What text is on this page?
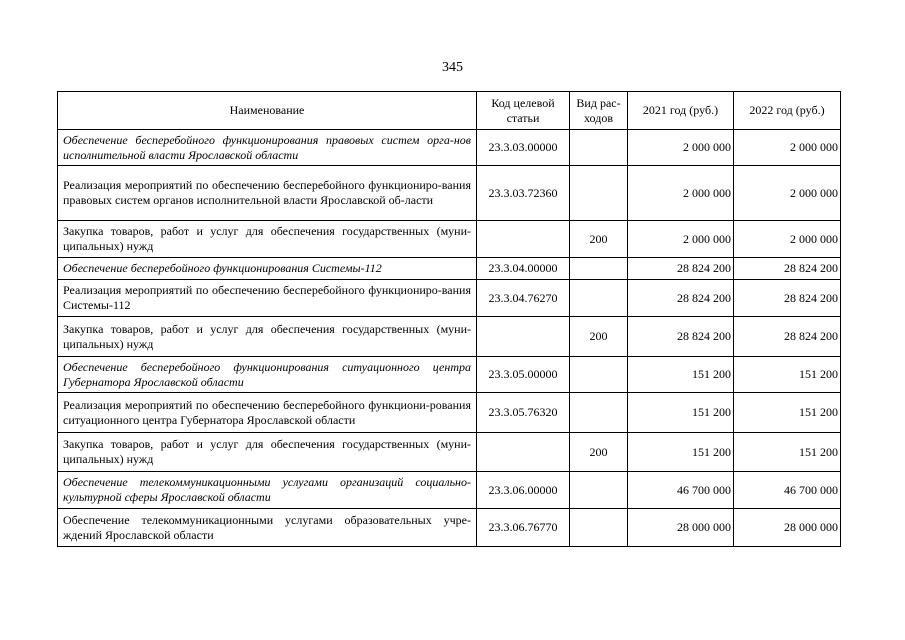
345
Наименование	Код целевой статьи	Вид рас-ходов	2021 год (руб.)	2022 год (руб.)
Обеспечение бесперебойного функционирования правовых систем орга-нов исполнительной власти Ярославской области	23.3.03.00000		2 000 000	2 000 000
Реализация мероприятий по обеспечению бесперебойного функциониро-вания правовых систем органов исполнительной власти Ярославской об-ласти	23.3.03.72360		2 000 000	2 000 000
Закупка товаров, работ и услуг для обеспечения государственных (муни-ципальных) нужд		200	2 000 000	2 000 000
Обеспечение бесперебойного функционирования Системы-112	23.3.04.00000		28 824 200	28 824 200
Реализация мероприятий по обеспечению бесперебойного функциониро-вания Системы-112	23.3.04.76270		28 824 200	28 824 200
Закупка товаров, работ и услуг для обеспечения государственных (муни-ципальных) нужд		200	28 824 200	28 824 200
Обеспечение бесперебойного функционирования ситуационного центра Губернатора Ярославской области	23.3.05.00000		151 200	151 200
Реализация мероприятий по обеспечению бесперебойного функциони-рования ситуационного центра Губернатора Ярославской области	23.3.05.76320		151 200	151 200
Закупка товаров, работ и услуг для обеспечения государственных (муни-ципальных) нужд		200	151 200	151 200
Обеспечение телекоммуникационными услугами организаций социально-культурной сферы Ярославской области	23.3.06.00000		46 700 000	46 700 000
Обеспечение телекоммуникационными услугами образовательных учре-ждений Ярославской области	23.3.06.76770		28 000 000	28 000 000
